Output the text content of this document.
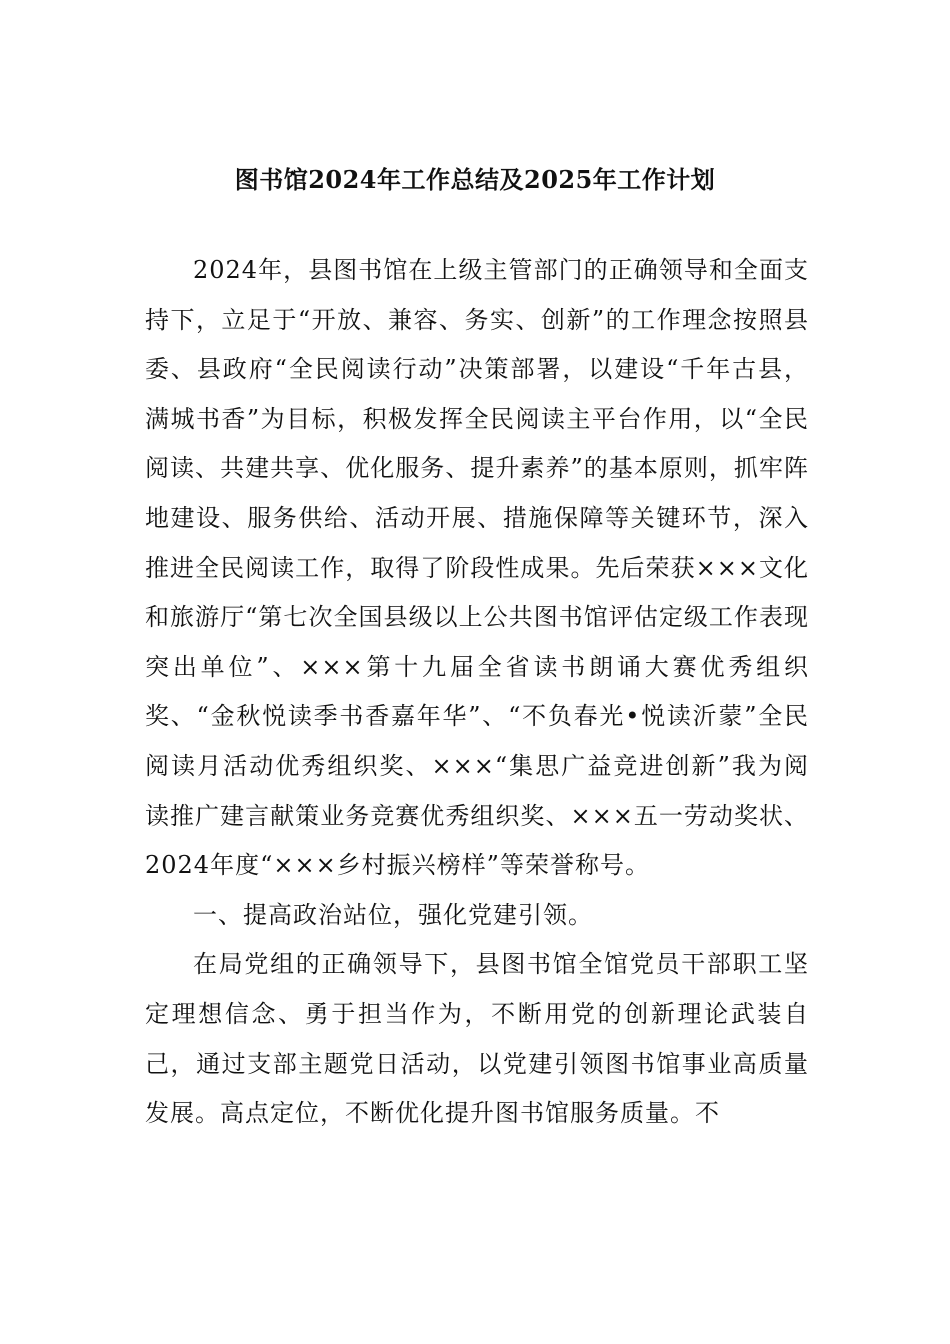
图书馆2024年工作总结及2025年工作计划

2024年，县图书馆在上级主管部门的正确领导和全面支持下，立足于“开放、兼容、务实、创新”的工作理念按照县委、县政府“全民阅读行动”决策部署，以建设“千年古县，满城书香”为目标，积极发挥全民阅读主平台作用，以“全民阅读、共建共享、优化服务、提升素养”的基本原则，抓牢阵地建设、服务供给、活动开展、措施保障等关键环节，深入推进全民阅读工作，取得了阶段性成果。先后荣获×××文化和旅游厅“第七次全国县级以上公共图书馆评估定级工作表现突出单位”、×××第十九届全省读书朗诵大赛优秀组织奖、“金秋悦读季书香嘉年华”、“不负春光•悦读沂蒙”全民阅读月活动优秀组织奖、×××“集思广益竞进创新”我为阅读推广建言献策业务竞赛优秀组织奖、×××五一劳动奖状、2024年度“×××乡村振兴榜样”等荣誉称号。

一、提高政治站位，强化党建引领。

在局党组的正确领导下，县图书馆全馆党员干部职工坚定理想信念、勇于担当作为，不断用党的创新理论武装自己，通过支部主题党日活动，以党建引领图书馆事业高质量发展。高点定位，不断优化提升图书馆服务质量。不
